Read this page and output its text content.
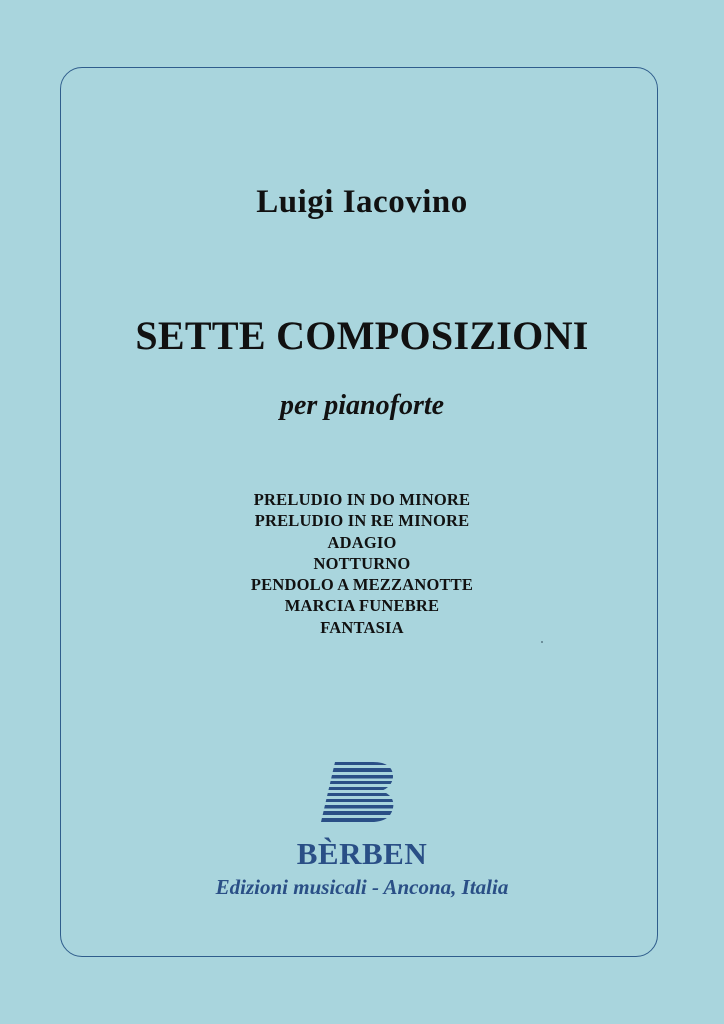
Luigi Iacovino
SETTE COMPOSIZIONI
per pianoforte
PRELUDIO IN DO MINORE
PRELUDIO IN RE MINORE
ADAGIO
NOTTURNO
PENDOLO A MEZZANOTTE
MARCIA FUNEBRE
FANTASIA
BÈRBEN
Edizioni musicali - Ancona, Italia
